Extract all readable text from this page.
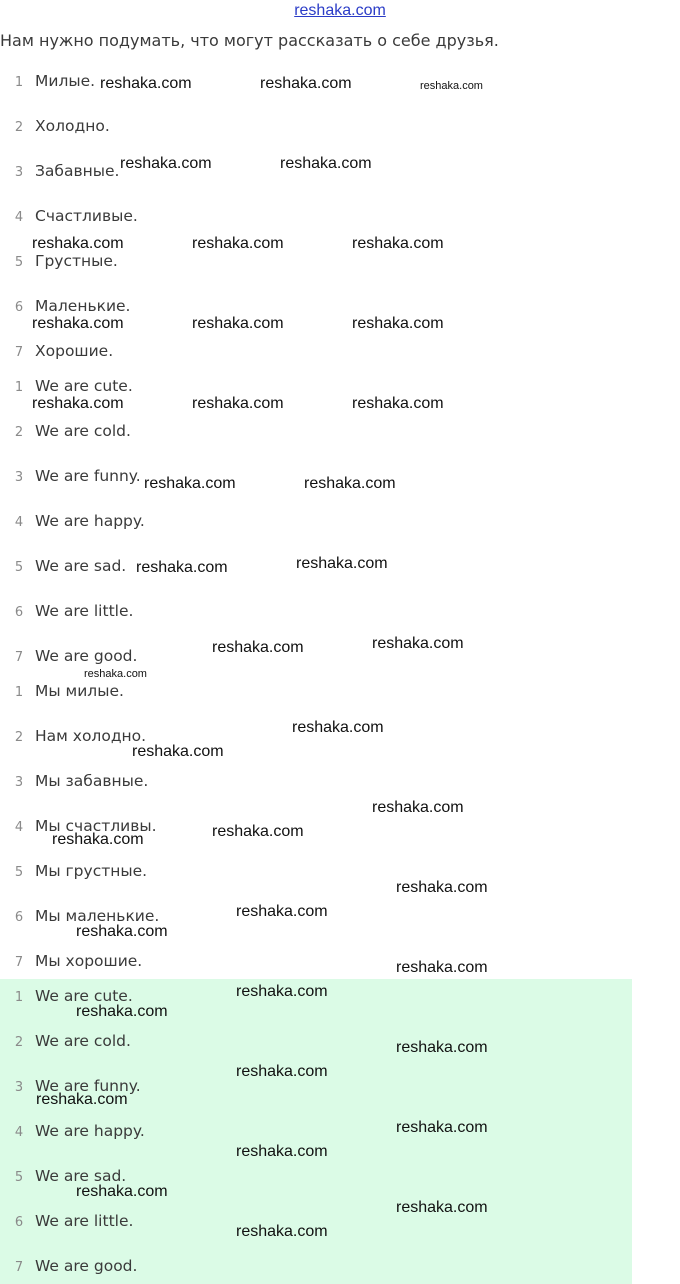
reshaka.com
Нам нужно подумать, что могут рассказать о себе друзья.
1 Милые.
2 Холодно.
3 Забавные.
4 Счастливые.
5 Грустные.
6 Маленькие.
7 Хорошие.
1 We are cute.
2 We are cold.
3 We are funny.
4 We are happy.
5 We are sad.
6 We are little.
7 We are good.
1 Мы милые.
2 Нам холодно.
3 Мы забавные.
4 Мы счастливы.
5 Мы грустные.
6 Мы маленькие.
7 Мы хорошие.
1 We are cute.
2 We are cold.
3 We are funny.
4 We are happy.
5 We are sad.
6 We are little.
7 We are good.
reshaka.com	reshaka.com	reshaka.com
reshaka.com	reshaka.com
reshaka.com	reshaka.com	reshaka.com
reshaka.com	reshaka.com	reshaka.com
reshaka.com	reshaka.com	reshaka.com
reshaka.com	reshaka.com
reshaka.com	reshaka.com
reshaka.com	reshaka.com
reshaka.com
reshaka.com
reshaka.com
reshaka.com
reshaka.com
reshaka.com
reshaka.com
reshaka.com
reshaka.com
reshaka.com
reshaka.com
reshaka.com
reshaka.com
reshaka.com
reshaka.com
reshaka.com
reshaka.com
reshaka.com
reshaka.com
reshaka.com
